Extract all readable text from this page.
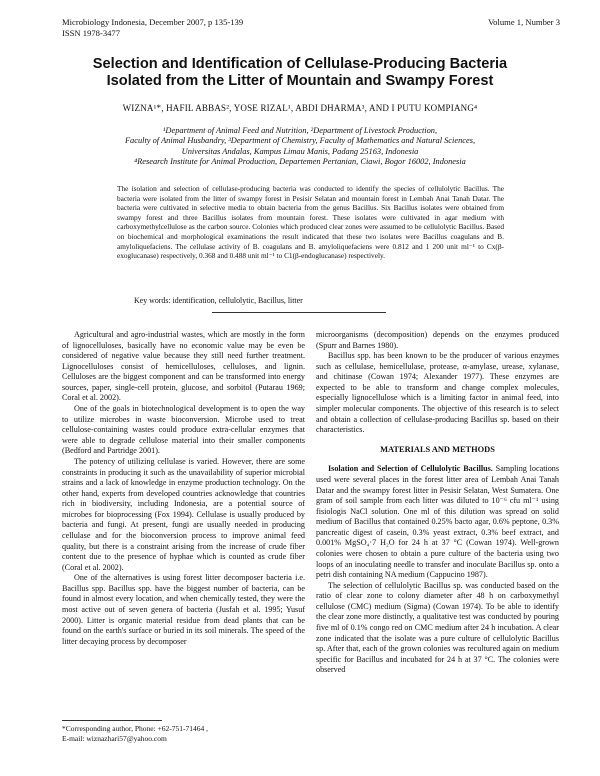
Microbiology Indonesia, December 2007, p 135-139
ISSN 1978-3477
Volume 1, Number 3
Selection and Identification of Cellulase-Producing Bacteria
Isolated from the Litter of Mountain and Swampy Forest
WIZNA¹*, HAFIL ABBAS², YOSE RIZAL¹, ABDI DHARMA³, AND I PUTU KOMPIANG⁴
¹Department of Animal Feed and Nutrition, ²Department of Livestock Production,
Faculty of Animal Husbandry, ³Department of Chemistry, Faculty of Mathematics and Natural Sciences,
Universitas Andalas, Kampus Limau Manis, Padang 25163, Indonesia
⁴Research Institute for Animal Production, Departemen Pertanian, Ciawi, Bogor 16002, Indonesia
The isolation and selection of cellulase-producing bacteria was conducted to identify the species of cellulolytic Bacillus. The bacteria were isolated from the litter of swampy forest in Pesisir Selatan and mountain forest in Lembah Anai Tanah Datar. The bacteria were cultivated in selective media to obtain bacteria from the genus Bacillus. Six Bacillus isolates were obtained from swampy forest and three Bacillus isolates from mountain forest. These isolates were cultivated in agar medium with carboxymethylcellulose as the carbon source. Colonies which produced clear zones were assumed to be cellulolytic Bacillus. Based on biochemical and morphological examinations the result indicated that these two isolates were Bacillus coagulans and B. amyloliquefaciens. The cellulase activity of B. coagulans and B. amyloliquefaciens were 0.812 and 1 200 unit ml⁻¹ to Cx(β-exoglucanase) respectively, 0.368 and 0.488 unit ml⁻¹ to C1(β-endoglucanase) respectively.
Key words: identification, cellulolytic, Bacillus, litter

Agricultural and agro-industrial wastes, which are mostly in the form of lignocelluloses, basically have no economic value may be even be considered of negative value because they still need further treatment. Lignocelluloses consist of hemicelluloses, celluloses, and lignin. Celluloses are the biggest component and can be transformed into energy sources, paper, single-cell protein, glucose, and sorbitol (Putarau 1969; Coral et al. 2002).

One of the goals in biotechnological development is to open the way to utilize microbes in waste bioconversion. Microbe used to treat cellulose-containing wastes could produce extra-cellular enzymes that were able to degrade cellulose material into their smaller components (Bedford and Partridge 2001).

The potency of utilizing cellulase is varied. However, there are some constraints in producing it such as the unavailability of superior microbial strains and a lack of knowledge in enzyme production technology. On the other hand, experts from developed countries acknowledge that countries rich in biodiversity, including Indonesia, are a potential source of microbes for bioprocessing (Fox 1994). Cellulase is usually produced by bacteria and fungi. At present, fungi are usually needed in producing cellulase and for the bioconversion process to improve animal feed quality, but there is a constraint arising from the increase of crude fiber content due to the presence of hyphae which is counted as crude fiber (Coral et al. 2002).

One of the alternatives is using forest litter decomposer bacteria i.e. Bacillus spp. Bacillus spp. have the biggest number of bacteria, can be found in almost every location, and when chemically tested, they were the most active out of seven genera of bacteria (Jusfah et al. 1995; Yusuf 2000). Litter is organic material residue from dead plants that can be found on the earth's surface or buried in its soil minerals. The speed of the litter decaying process by decomposer

microorganisms (decomposition) depends on the enzymes produced (Spurr and Barnes 1980).

Bacillus spp. has been known to be the producer of various enzymes such as cellulase, hemicellulase, protease, α-amylase, urease, xylanase, and chitinase (Cowan 1974; Alexander 1977). These enzymes are expected to be able to transform and change complex molecules, especially lignocellulose which is a limiting factor in animal feed, into simpler molecular components. The objective of this research is to select and obtain a collection of cellulase-producing Bacillus sp. based on their characteristics.

MATERIALS AND METHODS

Isolation and Selection of Cellulolytic Bacillus. Sampling locations used were several places in the forest litter area of Lembah Anai Tanah Datar and the swampy forest litter in Pesisir Selatan, West Sumatera. One gram of soil sample from each litter was diluted to 10⁻⁶ cfu ml⁻¹ using fisiologis NaCl solution. One ml of this dilution was spread on solid medium of Bacillus that contained 0.25% bacto agar, 0.6% peptone, 0.3% pancreatic digest of casein, 0.3% yeast extract, 0.3% beef extract, and 0.001% MgSO₄·7 H₂O for 24 h at 37 °C (Cowan 1974). Well-grown colonies were chosen to obtain a pure culture of the bacteria using two loops of an inoculating needle to transfer and inoculate Bacillus sp. onto a petri dish containing NA medium (Cappucino 1987).

The selection of cellulolytic Bacillus sp. was conducted based on the ratio of clear zone to colony diameter after 48 h on carboxymethyl cellulose (CMC) medium (Sigma) (Cowan 1974). To be able to identify the clear zone more distinctly, a qualitative test was conducted by pouring five ml of 0.1% congo red on CMC medium after 24 h incubation. A clear zone indicated that the isolate was a pure culture of cellulolytic Bacillus sp. After that, each of the grown colonies was recultured again on medium specific for Bacillus and incubated for 24 h at 37 °C. The colonies were observed

*Corresponding author, Phone: +62-751-71464 ,
E-mail: wiznazhari57@yahoo.com
